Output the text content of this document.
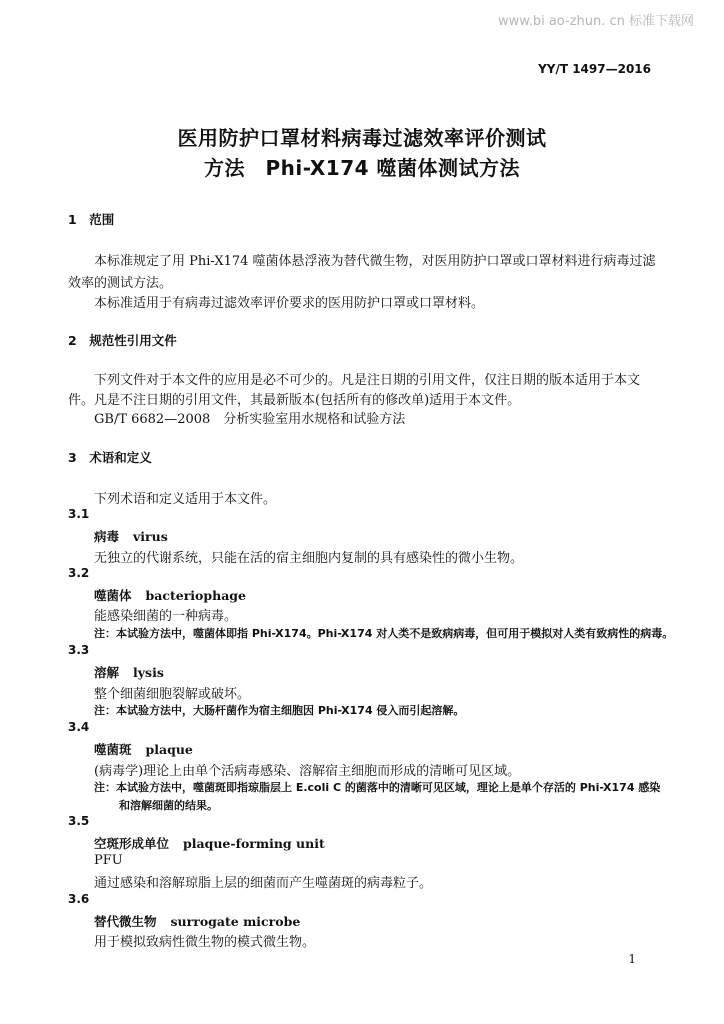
www.bi ao-zhun. cn 标准下载网
YY/T 1497—2016
医用防护口罩材料病毒过滤效率评价测试
方法　Phi-X174 噬菌体测试方法
1　范围
本标准规定了用 Phi-X174 噬菌体悬浮液为替代微生物，对医用防护口罩或口罩材料进行病毒过滤
效率的测试方法。
本标准适用于有病毒过滤效率评价要求的医用防护口罩或口罩材料。
2　规范性引用文件
下列文件对于本文件的应用是必不可少的。凡是注日期的引用文件，仅注日期的版本适用于本文
件。凡是不注日期的引用文件，其最新版本(包括所有的修改单)适用于本文件。
GB/T 6682—2008　分析实验室用水规格和试验方法
3　术语和定义
下列术语和定义适用于本文件。
3.1
病毒 virus
无独立的代谢系统，只能在活的宿主细胞内复制的具有感染性的微小生物。
3.2
噬菌体 bacteriophage
能感染细菌的一种病毒。
注：本试验方法中，噬菌体即指 Phi-X174。Phi-X174 对人类不是致病病毒，但可用于模拟对人类有致病性的病毒。
3.3
溶解 lysis
整个细菌细胞裂解或破坏。
注：本试验方法中，大肠杆菌作为宿主细胞因 Phi-X174 侵入而引起溶解。
3.4
噬菌斑 plaque
(病毒学)理论上由单个活病毒感染、溶解宿主细胞而形成的清晰可见区域。
注：本试验方法中，噬菌斑即指琼脂层上 E.coli C 的菌落中的清晰可见区域，理论上是单个存活的 Phi-X174 感染
和溶解细菌的结果。
3.5
空斑形成单位 plaque-forming unit
PFU
通过感染和溶解琼脂上层的细菌而产生噬菌斑的病毒粒子。
3.6
替代微生物 surrogate microbe
用于模拟致病性微生物的模式微生物。
1
